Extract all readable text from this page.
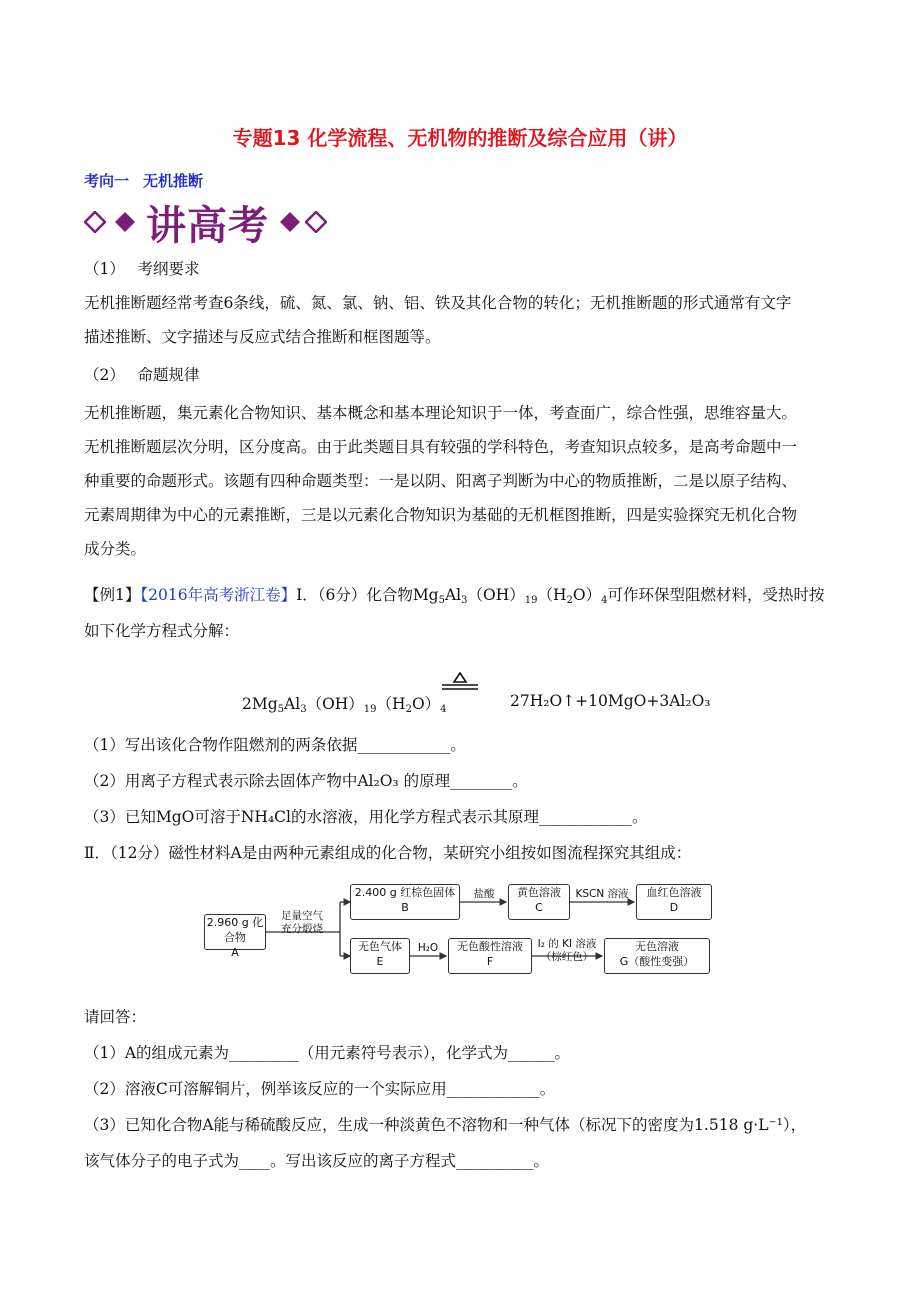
专题13 化学流程、无机物的推断及综合应用（讲）
考向一 无机推断
讲高考
（1）　 考纲要求
无机推断题经常考查6条线，硫、氮、氯、钠、铝、铁及其化合物的转化；无机推断题的形式通常有文字
描述推断、文字描述与反应式结合推断和框图题等。
（2）　 命题规律
无机推断题，集元素化合物知识、基本概念和基本理论知识于一体，考查面广，综合性强，思维容量大。
无机推断题层次分明，区分度高。由于此类题目具有较强的学科特色，考查知识点较多，是高考命题中一
种重要的命题形式。该题有四种命题类型：一是以阴、阳离子判断为中心的物质推断，二是以原子结构、
元素周期律为中心的元素推断，三是以元素化合物知识为基础的无机框图推断，四是实验探究无机化合物
成分类。
【例1】【2016年高考浙江卷】Ⅰ．（6分）化合物$Mg_5Al_3(OH)_{19}(H_2O)_4$可作环保型阻燃材料，受热时按
如下化学方程式分解：
$2Mg_5Al_3(OH)_{19}(H_2O)_4$	27H₂O↑+10MgO+3Al₂O₃
（1）写出该化合物作阻燃剂的两条依据____________。
（2）用离子方程式表示除去固体产物中Al₂O₃ 的原理________。
（3）已知MgO可溶于NH₄Cl的水溶液，用化学方程式表示其原理____________。
Ⅱ．（12分）磁性材料A是由两种元素组成的化合物，某研究小组按如图流程探究其组成：
2.960 g 化合物
A
足量空气
充分煅烧
2.400 g 红棕色固体
B
盐酸	黄色溶液
C
KSCN 溶液	血红色溶液
D
无色气体
E
H₂O	无色酸性溶液
F
I₂ 的 KI 溶液
（棕红色）
无色溶液
G（酸性变强）
请回答：
（1）A的组成元素为_________（用元素符号表示），化学式为______。
（2）溶液C可溶解铜片，例举该反应的一个实际应用____________。
（3）已知化合物A能与稀硫酸反应，生成一种淡黄色不溶物和一种气体（标况下的密度为1.518 g·L⁻¹），
该气体分子的电子式为____。写出该反应的离子方程式__________。
